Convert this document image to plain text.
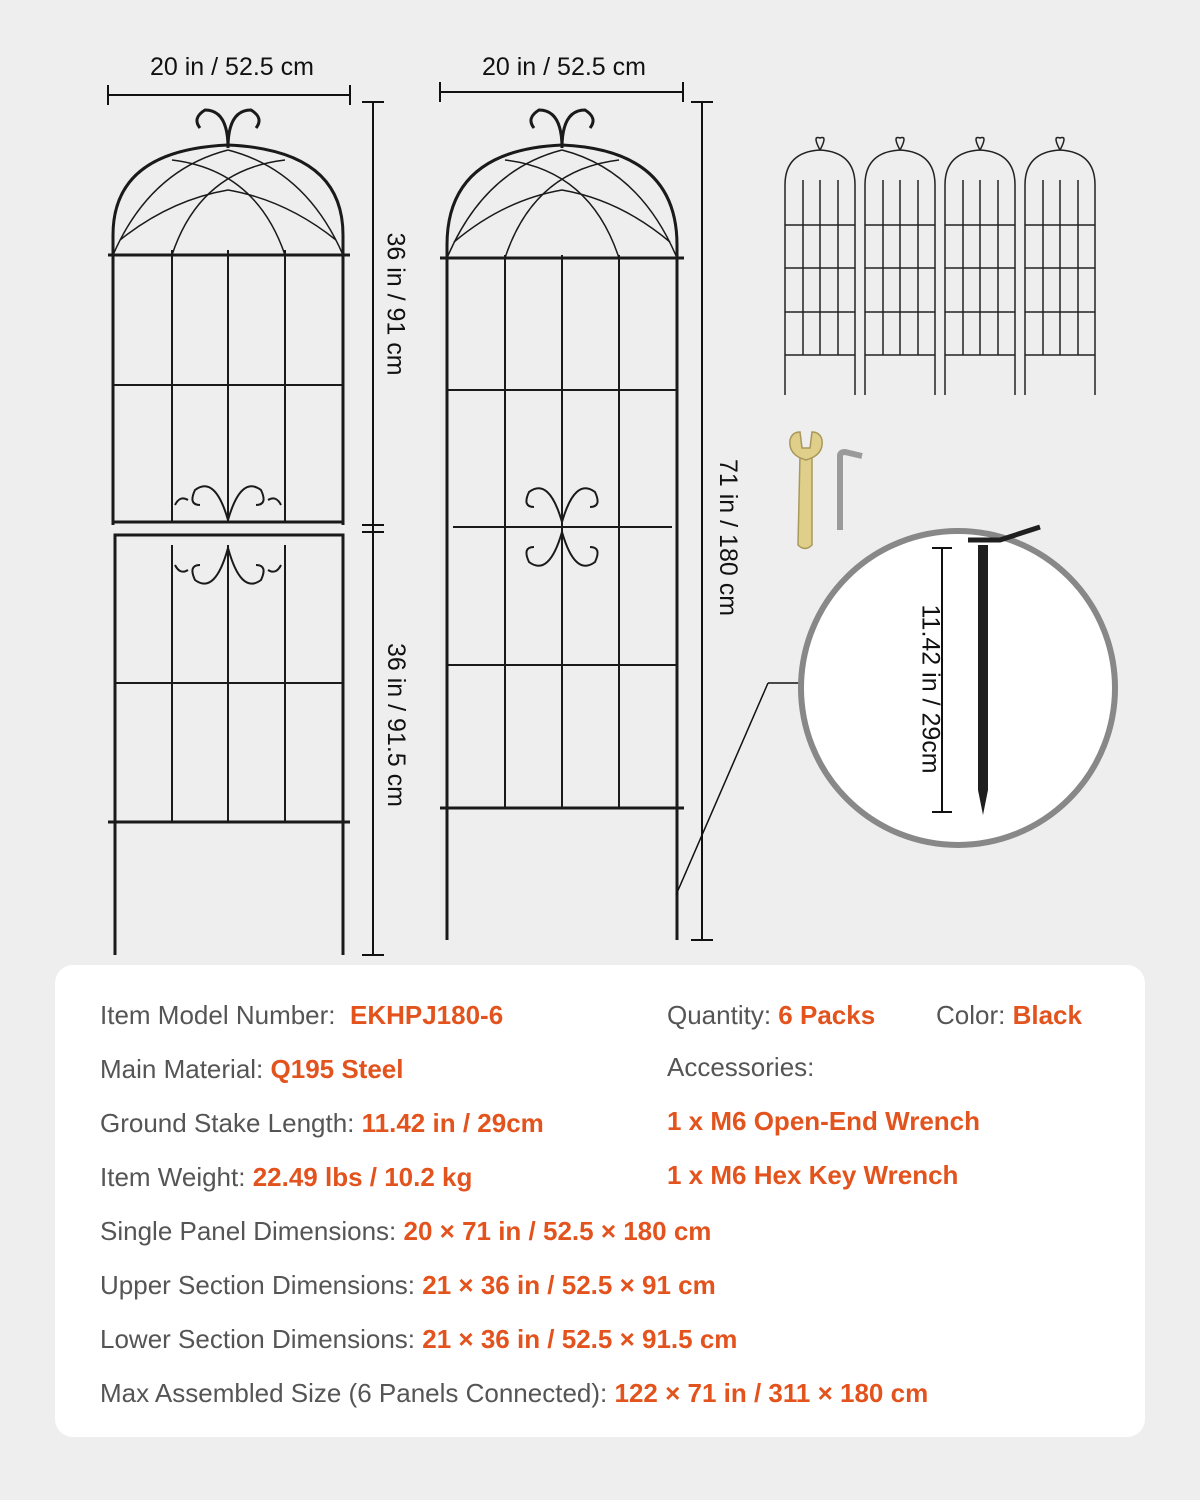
20 in / 52.5 cm	20 in / 52.5 cm
36 in / 91 cm
36 in / 91.5 cm
71 in / 180 cm
11.42 in / 29cm
Item Model Number: EKHPJ180-6	Quantity: 6 Packs Color: Black
Main Material: Q195 Steel	Accessories:
Ground Stake Length: 11.42 in / 29cm	1 x M6 Open-End Wrench
Item Weight: 22.49 lbs / 10.2 kg	1 x M6 Hex Key Wrench
Single Panel Dimensions: 20 × 71 in / 52.5 × 180 cm
Upper Section Dimensions: 21 × 36 in / 52.5 × 91 cm
Lower Section Dimensions: 21 × 36 in / 52.5 × 91.5 cm
Max Assembled Size (6 Panels Connected): 122 × 71 in / 311 × 180 cm
